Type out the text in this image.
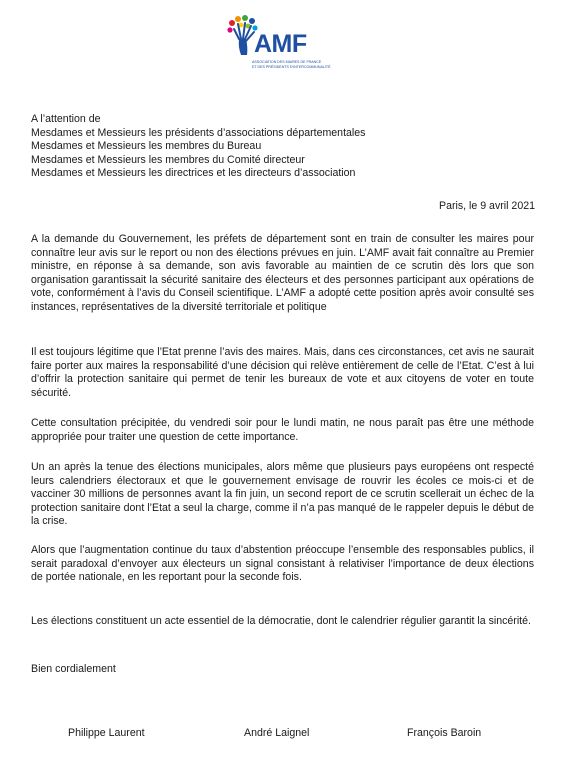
AMF
ASSOCIATION DES MAIRES DE FRANCE
ET DES PRÉSIDENTS D'INTERCOMMUNALITÉ
A l’attention de
Mesdames et Messieurs les présidents d’associations départementales
Mesdames et Messieurs les membres du Bureau
Mesdames et Messieurs les membres du Comité directeur
Mesdames et Messieurs les directrices et les directeurs d’association
Paris, le 9 avril 2021
A la demande du Gouvernement, les préfets de département sont en train de consulter les maires pour connaître leur avis sur le report ou non des élections prévues en juin. L’AMF avait fait connaître au Premier ministre, en réponse à sa demande, son avis favorable au maintien de ce scrutin dès lors que son organisation garantissait la sécurité sanitaire des électeurs et des personnes participant aux opérations de vote, conformément à l’avis du Conseil scientifique. L’AMF a adopté cette position après avoir consulté ses instances, représentatives de la diversité territoriale et politique
Il est toujours légitime que l’Etat prenne l’avis des maires. Mais, dans ces circonstances, cet avis ne saurait faire porter aux maires la responsabilité d’une décision qui relève entièrement de celle de l’Etat. C’est à lui d’offrir la protection sanitaire qui permet de tenir les bureaux de vote et aux citoyens de voter en toute sécurité.
Cette consultation précipitée, du vendredi soir pour le lundi matin, ne nous paraît pas être une méthode appropriée pour traiter une question de cette importance.
Un an après la tenue des élections municipales, alors même que plusieurs pays européens ont respecté leurs calendriers électoraux et que le gouvernement envisage de rouvrir les écoles ce mois-ci et de vacciner 30 millions de personnes avant la fin juin, un second report de ce scrutin scellerait un échec de la protection sanitaire dont l’Etat a seul la charge, comme il n’a pas manqué de le rappeler depuis le début de la crise.
Alors que l’augmentation continue du taux d’abstention préoccupe l’ensemble des responsables publics, il serait paradoxal d’envoyer aux électeurs un signal consistant à relativiser l’importance de deux élections de portée nationale, en les reportant pour la seconde fois.
Les élections constituent un acte essentiel de la démocratie, dont le calendrier régulier garantit la sincérité.
Bien cordialement
Philippe Laurent	André Laignel	François Baroin
